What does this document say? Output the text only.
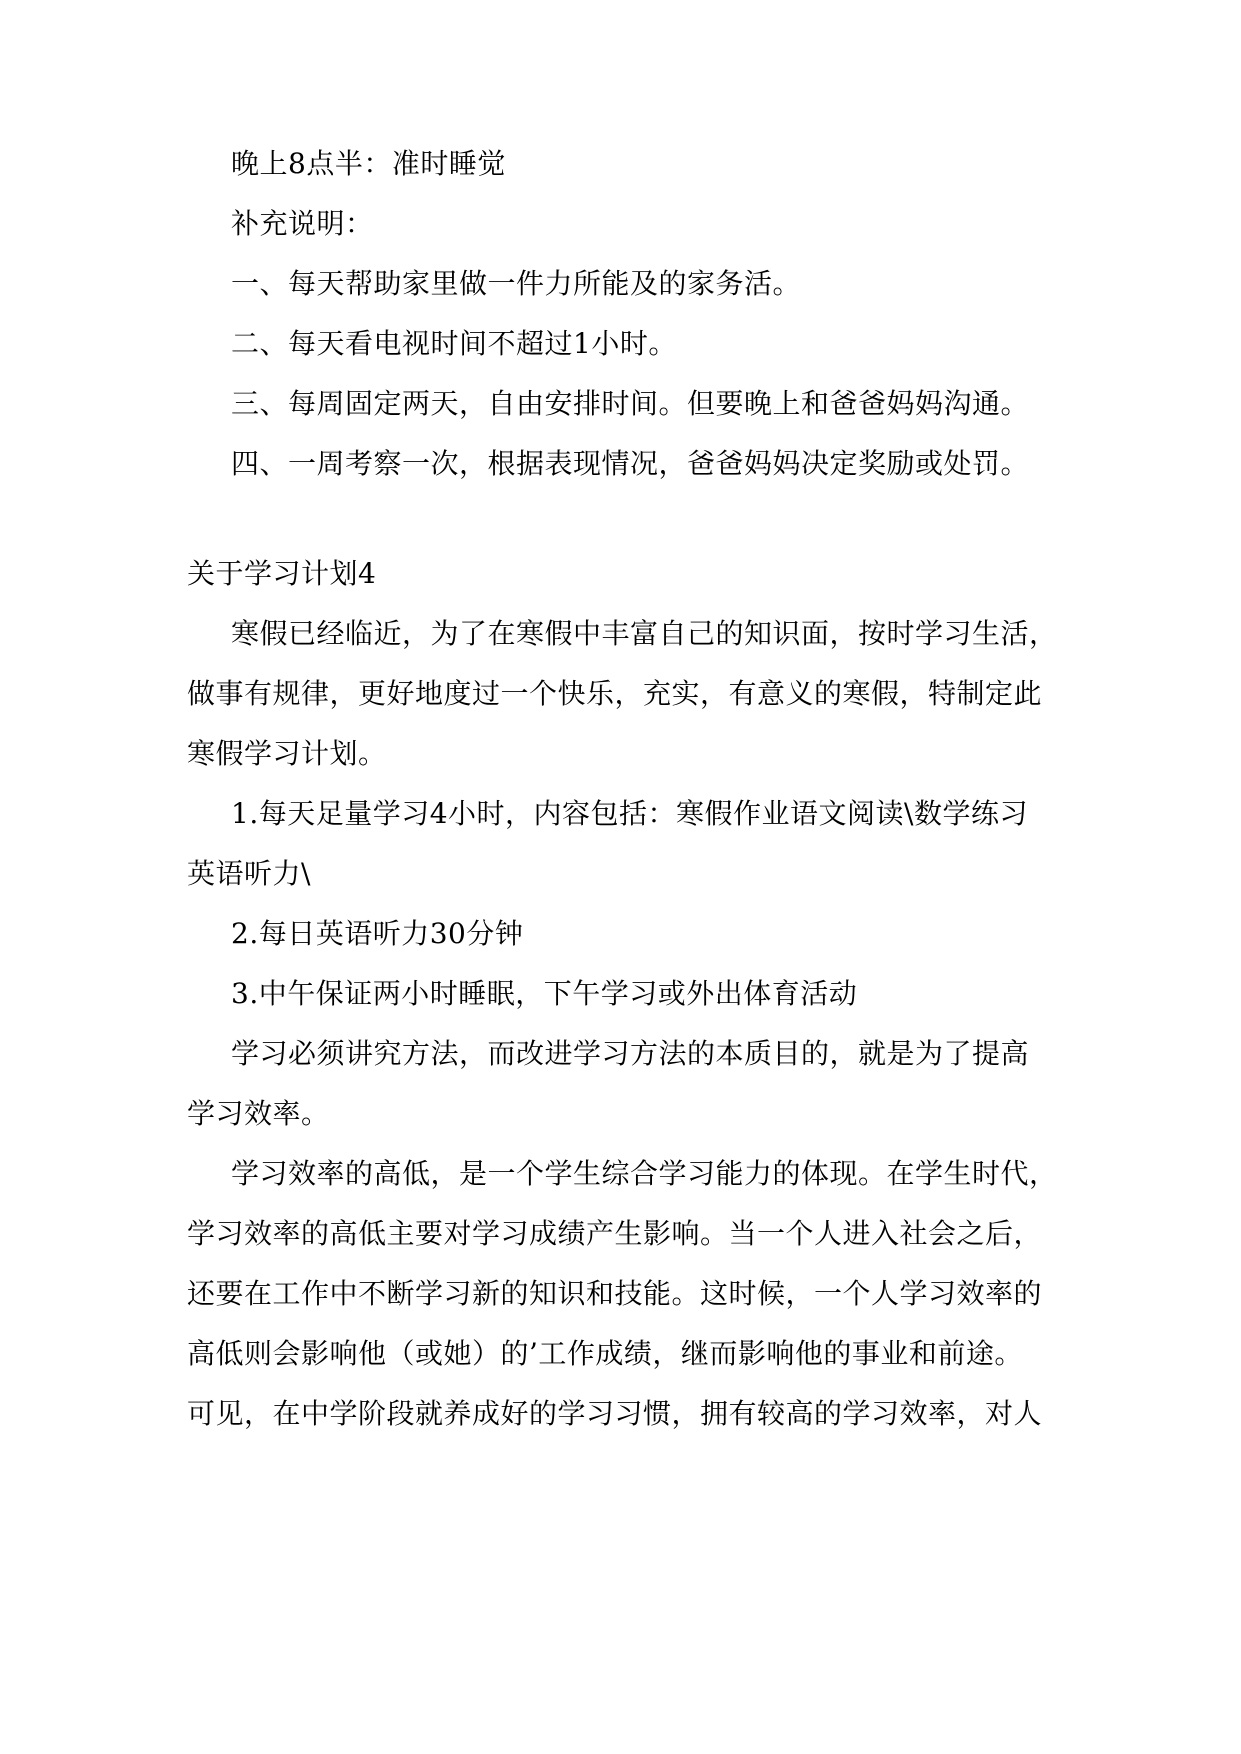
晚上8点半：准时睡觉
补充说明：
一、每天帮助家里做一件力所能及的家务活。
二、每天看电视时间不超过1小时。
三、每周固定两天，自由安排时间。但要晚上和爸爸妈妈沟通。
四、一周考察一次，根据表现情况，爸爸妈妈决定奖励或处罚。
关于学习计划4
寒假已经临近，为了在寒假中丰富自己的知识面，按时学习生活，
做事有规律，更好地度过一个快乐，充实，有意义的寒假，特制定此
寒假学习计划。
1.每天足量学习4小时，内容包括：寒假作业语文阅读\数学练习
英语听力\
2.每日英语听力30分钟
3.中午保证两小时睡眠，下午学习或外出体育活动
学习必须讲究方法，而改进学习方法的本质目的，就是为了提高
学习效率。
学习效率的高低，是一个学生综合学习能力的体现。在学生时代，
学习效率的高低主要对学习成绩产生影响。当一个人进入社会之后，
还要在工作中不断学习新的知识和技能。这时候，一个人学习效率的
高低则会影响他（或她）的’工作成绩，继而影响他的事业和前途。
可见，在中学阶段就养成好的学习习惯，拥有较高的学习效率，对人
